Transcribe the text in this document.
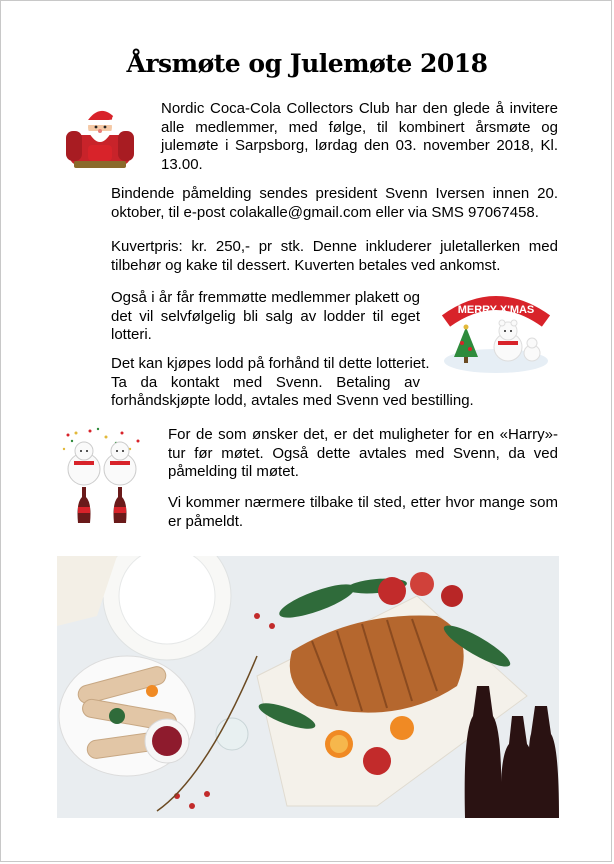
Årsmøte og Julemøte 2018

Nordic Coca-Cola Collectors Club har den glede å invitere alle medlemmer, med følge, til kombinert årsmøte og julemøte i Sarpsborg, lørdag den 03. november 2018, Kl. 13.00.

Bindende påmelding sendes president Svenn Iversen innen 20. oktober, til e-post colakalle@gmail.com eller via SMS 97067458.

Kuvertpris: kr. 250,- pr stk. Denne inkluderer juletallerken med tilbehør og kake til dessert. Kuverten betales ved ankomst.

Også i år får fremmøtte medlemmer plakett og det vil selvfølgelig bli salg av lodder til eget lotteri.

MERRY X'MAS

Det kan kjøpes lodd på forhånd til dette lotteriet.
Ta da kontakt med Svenn. Betaling av
forhåndskjøpte lodd, avtales med Svenn ved bestilling.

For de som ønsker det, er det muligheter for en «Harry»-tur før møtet. Også dette avtales med Svenn, da ved påmelding til møtet.

Vi kommer nærmere tilbake til sted, etter hvor mange som er påmeldt.
